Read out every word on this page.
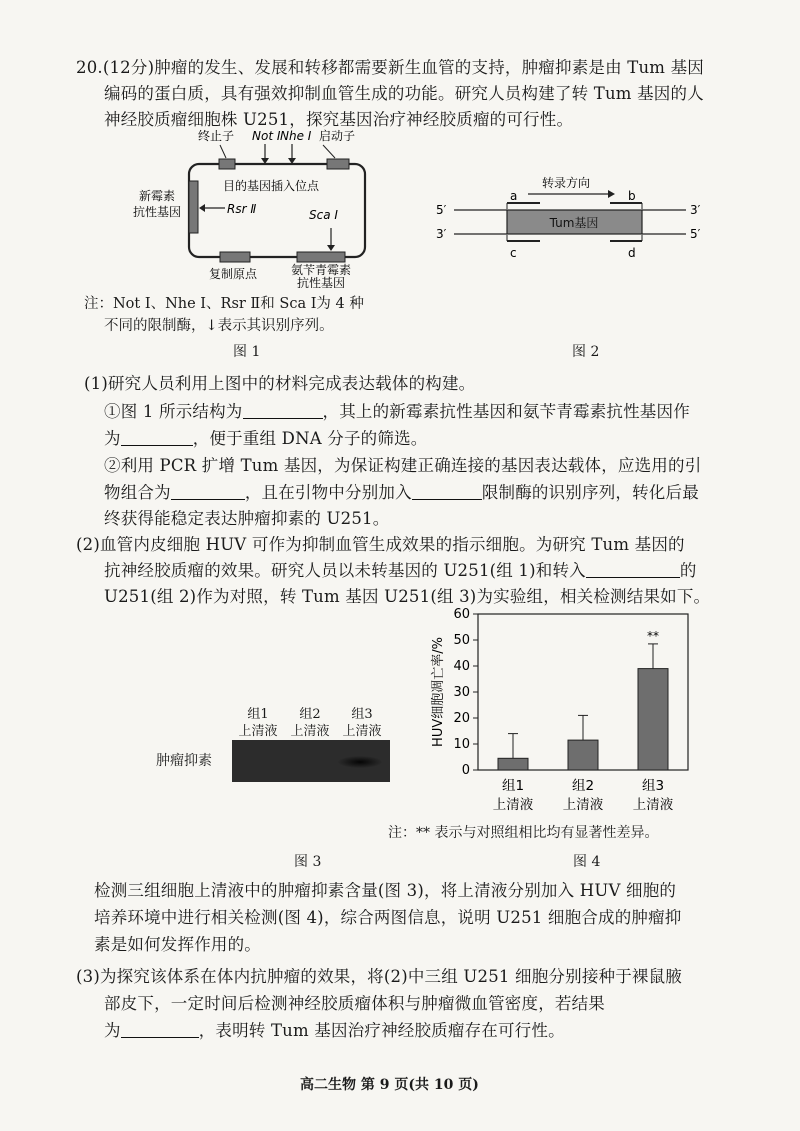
20.(12分)肿瘤的发生、发展和转移都需要新生血管的支持，肿瘤抑素是由 Tum 基因
编码的蛋白质，具有强效抑制血管生成的功能。研究人员构建了转 Tum 基因的人
神经胶质瘤细胞株 U251，探究基因治疗神经胶质瘤的可行性。
终止子 Not Ⅰ Nhe Ⅰ 启动子
目的基因插入位点
新霉素
抗性基因	Rsr Ⅱ	Sca Ⅰ
复制原点	氨苄青霉素
抗性基因
注：Not Ⅰ、Nhe Ⅰ、Rsr Ⅱ和 Sca Ⅰ为 4 种
不同的限制酶，↓表示其识别序列。
图 1
转录方向
a	b
5′	3′
3′	5′
Tum基因
c	d
图 2
(1)研究人员利用上图中的材料完成表达载体的构建。
①图 1 所示结构为	，其上的新霉素抗性基因和氨苄青霉素抗性基因作
为	，便于重组 DNA 分子的筛选。
②利用 PCR 扩增 Tum 基因，为保证构建正确连接的基因表达载体，应选用的引
物组合为	，且在引物中分别加入	限制酶的识别序列，转化后最
终获得能稳定表达肿瘤抑素的 U251。
(2)血管内皮细胞 HUV 可作为抑制血管生成效果的指示细胞。为研究 Tum 基因的
抗神经胶质瘤的效果。研究人员以未转基因的 U251(组 1)和转入	的
U251(组 2)作为对照，转 Tum 基因 U251(组 3)为实验组，相关检测结果如下。
组1
上清液
组2
上清液
组3
上清液
肿瘤抑素
图 3
HUV细胞凋亡率/%
0
10
20
30
40
50
60
组1
上清液
组2
上清液
**
组3
上清液
注：** 表示与对照组相比均有显著性差异。
图 4
检测三组细胞上清液中的肿瘤抑素含量(图 3)，将上清液分别加入 HUV 细胞的
培养环境中进行相关检测(图 4)，综合两图信息，说明 U251 细胞合成的肿瘤抑
素是如何发挥作用的。
(3)为探究该体系在体内抗肿瘤的效果，将(2)中三组 U251 细胞分别接种于裸鼠腋
部皮下，一定时间后检测神经胶质瘤体积与肿瘤微血管密度，若结果
为	，表明转 Tum 基因治疗神经胶质瘤存在可行性。
高二生物 第 9 页(共 10 页)
